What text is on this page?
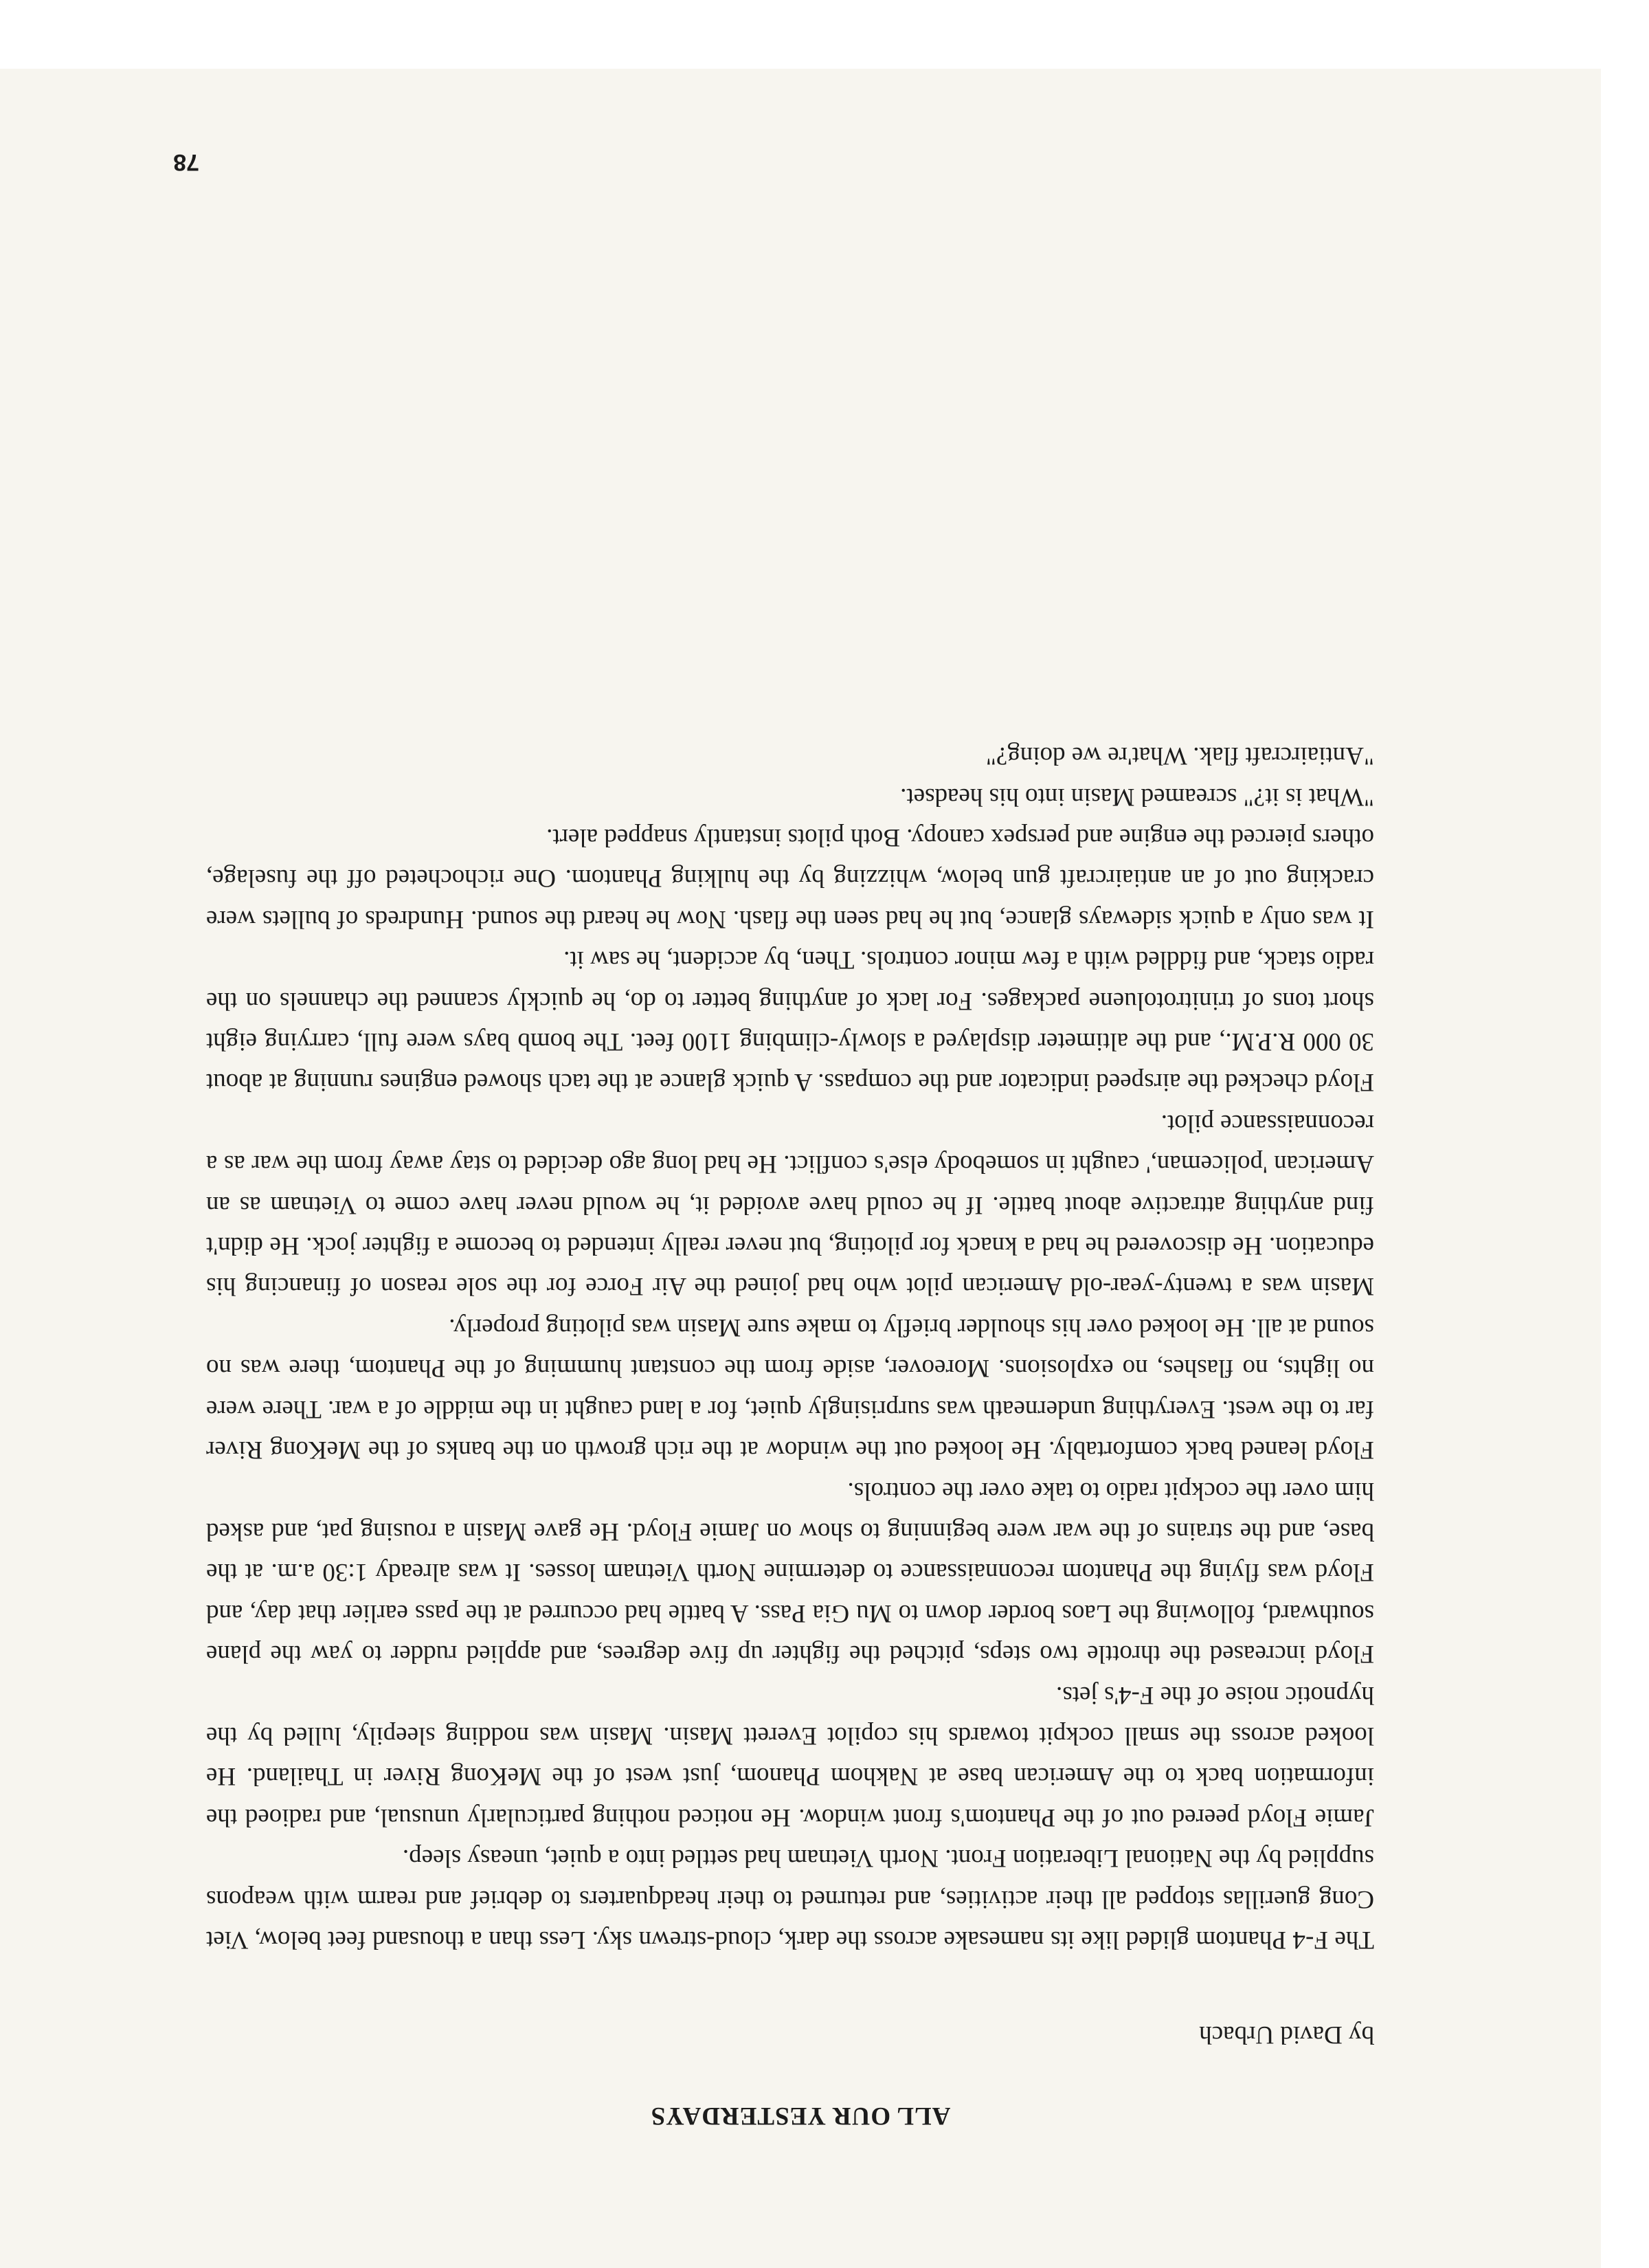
ALL OUR YESTERDAYS

by David Urbach

The F-4 Phantom glided like its namesake across the dark, cloud-strewn sky. Less than a thousand feet below, Viet Cong guerillas stopped all their activities, and returned to their headquarters to debrief and rearm with weapons supplied by the National Liberation Front. North Vietnam had settled into a quiet, uneasy sleep.

Jamie Floyd peered out of the Phantom's front window. He noticed nothing particularly unusual, and radioed the information back to the American base at Nakhom Phanom, just west of the MeKong River in Thailand. He looked across the small cockpit towards his copilot Everett Masin. Masin was nodding sleepily, lulled by the hypnotic noise of the F-4's jets.

Floyd increased the throttle two steps, pitched the fighter up five degrees, and applied rudder to yaw the plane southward, following the Laos border down to Mu Gia Pass. A battle had occurred at the pass earlier that day, and Floyd was flying the Phantom reconnaissance to determine North Vietnam losses. It was already 1:30 a.m. at the base, and the strains of the war were beginning to show on Jamie Floyd. He gave Masin a rousing pat, and asked him over the cockpit radio to take over the controls.

Floyd leaned back comfortably. He looked out the window at the rich growth on the banks of the MeKong River far to the west. Everything underneath was surprisingly quiet, for a land caught in the middle of a war. There were no lights, no flashes, no explosions. Moreover, aside from the constant humming of the Phantom, there was no sound at all. He looked over his shoulder briefly to make sure Masin was piloting properly.

Masin was a twenty-year-old American pilot who had joined the Air Force for the sole reason of financing his education. He discovered he had a knack for piloting, but never really intended to become a fighter jock. He didn't find anything attractive about battle. If he could have avoided it, he would never have come to Vietnam as an American 'policeman,' caught in somebody else's conflict. He had long ago decided to stay away from the war as a reconnaissance pilot.

Floyd checked the airspeed indicator and the compass. A quick glance at the tach showed engines running at about 30 000 R.P.M., and the altimeter displayed a slowly-climbing 1100 feet. The bomb bays were full, carrying eight short tons of trinitrotoluene packages. For lack of anything better to do, he quickly scanned the channels on the radio stack, and fiddled with a few minor controls. Then, by accident, he saw it.

It was only a quick sideways glance, but he had seen the flash. Now he heard the sound. Hundreds of bullets were cracking out of an antiaircraft gun below, whizzing by the hulking Phantom. One richocheted off the fuselage, others pierced the engine and perspex canopy. Both pilots instantly snapped alert.

"What is it?" screamed Masin into his headset.

"Antiaircraft flak. What're we doing?"

78
